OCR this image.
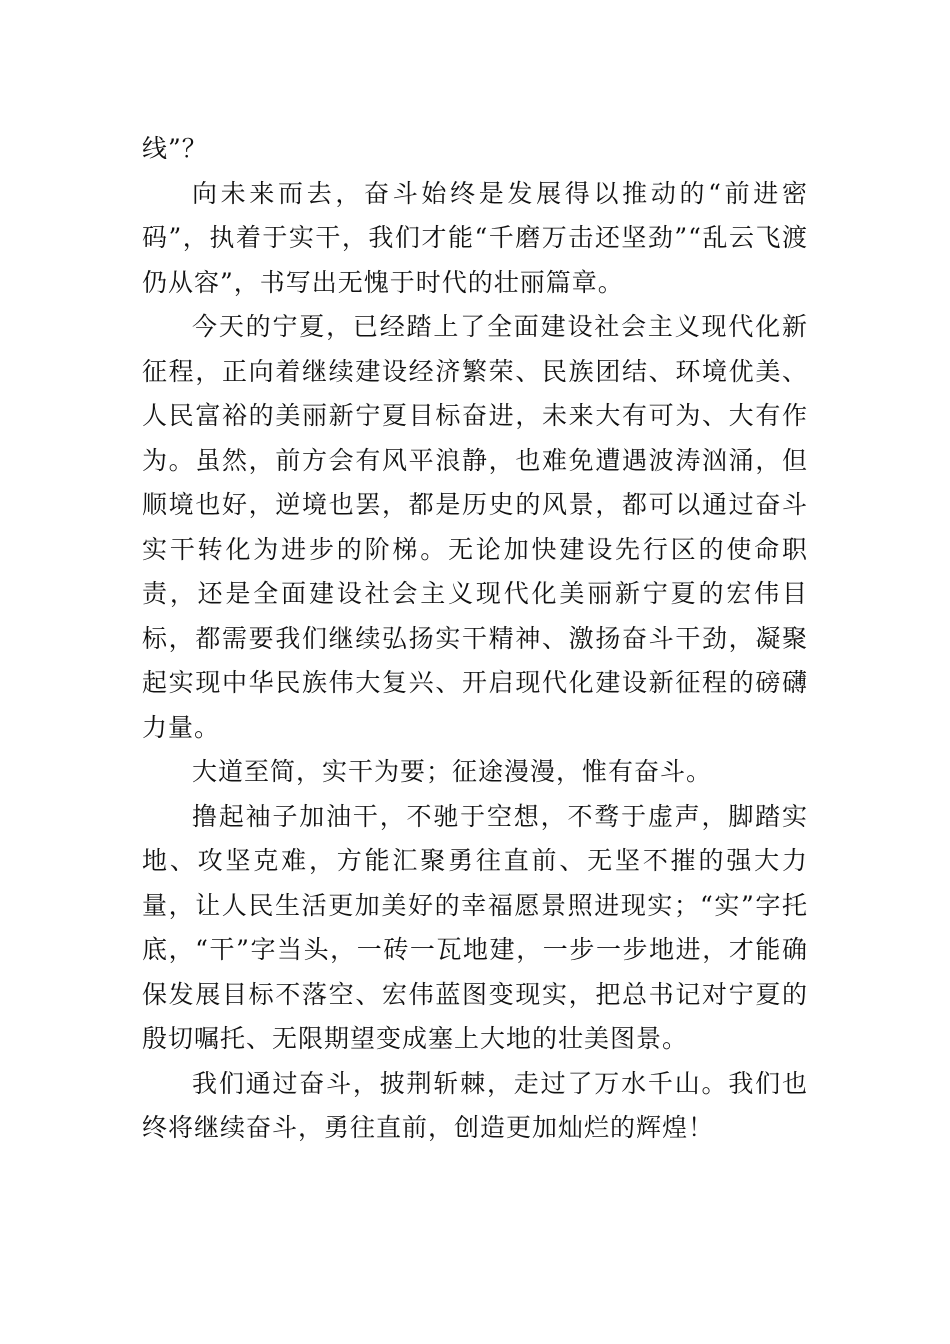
线”？

向未来而去，奋斗始终是发展得以推动的“前进密码”，执着于实干，我们才能“千磨万击还坚劲”“乱云飞渡仍从容”，书写出无愧于时代的壮丽篇章。

今天的宁夏，已经踏上了全面建设社会主义现代化新征程，正向着继续建设经济繁荣、民族团结、环境优美、人民富裕的美丽新宁夏目标奋进，未来大有可为、大有作为。虽然，前方会有风平浪静，也难免遭遇波涛汹涌，但顺境也好，逆境也罢，都是历史的风景，都可以通过奋斗实干转化为进步的阶梯。无论加快建设先行区的使命职责，还是全面建设社会主义现代化美丽新宁夏的宏伟目标，都需要我们继续弘扬实干精神、激扬奋斗干劲，凝聚起实现中华民族伟大复兴、开启现代化建设新征程的磅礴力量。

大道至简，实干为要；征途漫漫，惟有奋斗。

撸起袖子加油干，不驰于空想，不骛于虚声，脚踏实地、攻坚克难，方能汇聚勇往直前、无坚不摧的强大力量，让人民生活更加美好的幸福愿景照进现实；“实”字托底，“干”字当头，一砖一瓦地建，一步一步地进，才能确保发展目标不落空、宏伟蓝图变现实，把总书记对宁夏的殷切嘱托、无限期望变成塞上大地的壮美图景。

我们通过奋斗，披荆斩棘，走过了万水千山。我们也终将继续奋斗，勇往直前，创造更加灿烂的辉煌！
